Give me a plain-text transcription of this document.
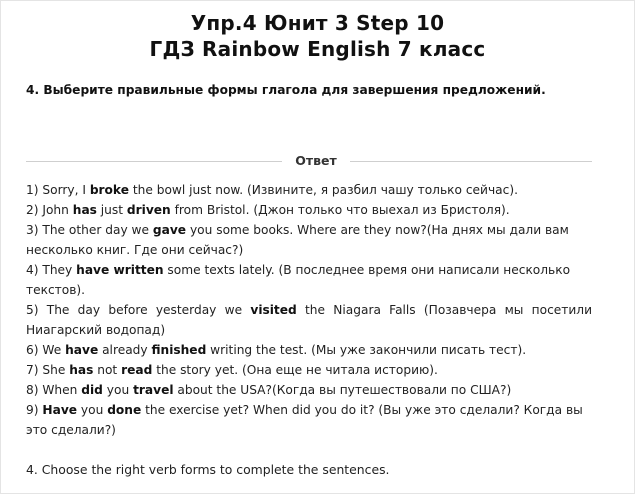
Упр.4 Юнит 3 Step 10
ГДЗ Rainbow English 7 класс
4. Выберите правильные формы глагола для завершения предложений.
Ответ
1) Sorry, I broke the bowl just now. (Извините, я разбил чашу только сейчас).
2) John has just driven from Bristol. (Джон только что выехал из Бристоля).
3) The other day we gave you some books. Where are they now?(На днях мы дали вам несколько книг. Где они сейчас?)
4) They have written some texts lately. (В последнее время они написали несколько текстов).
5) The day before yesterday we visited the Niagara Falls (Позавчера мы посетили Ниагарский водопад)
6) We have already finished writing the test. (Мы уже закончили писать тест).
7) She has not read the story yet. (Она еще не читала историю).
8) When did you travel about the USA?(Когда вы путешествовали по США?)
9) Have you done the exercise yet? When did you do it? (Вы уже это сделали? Когда вы это сделали?)
4. Choose the right verb forms to complete the sentences.
